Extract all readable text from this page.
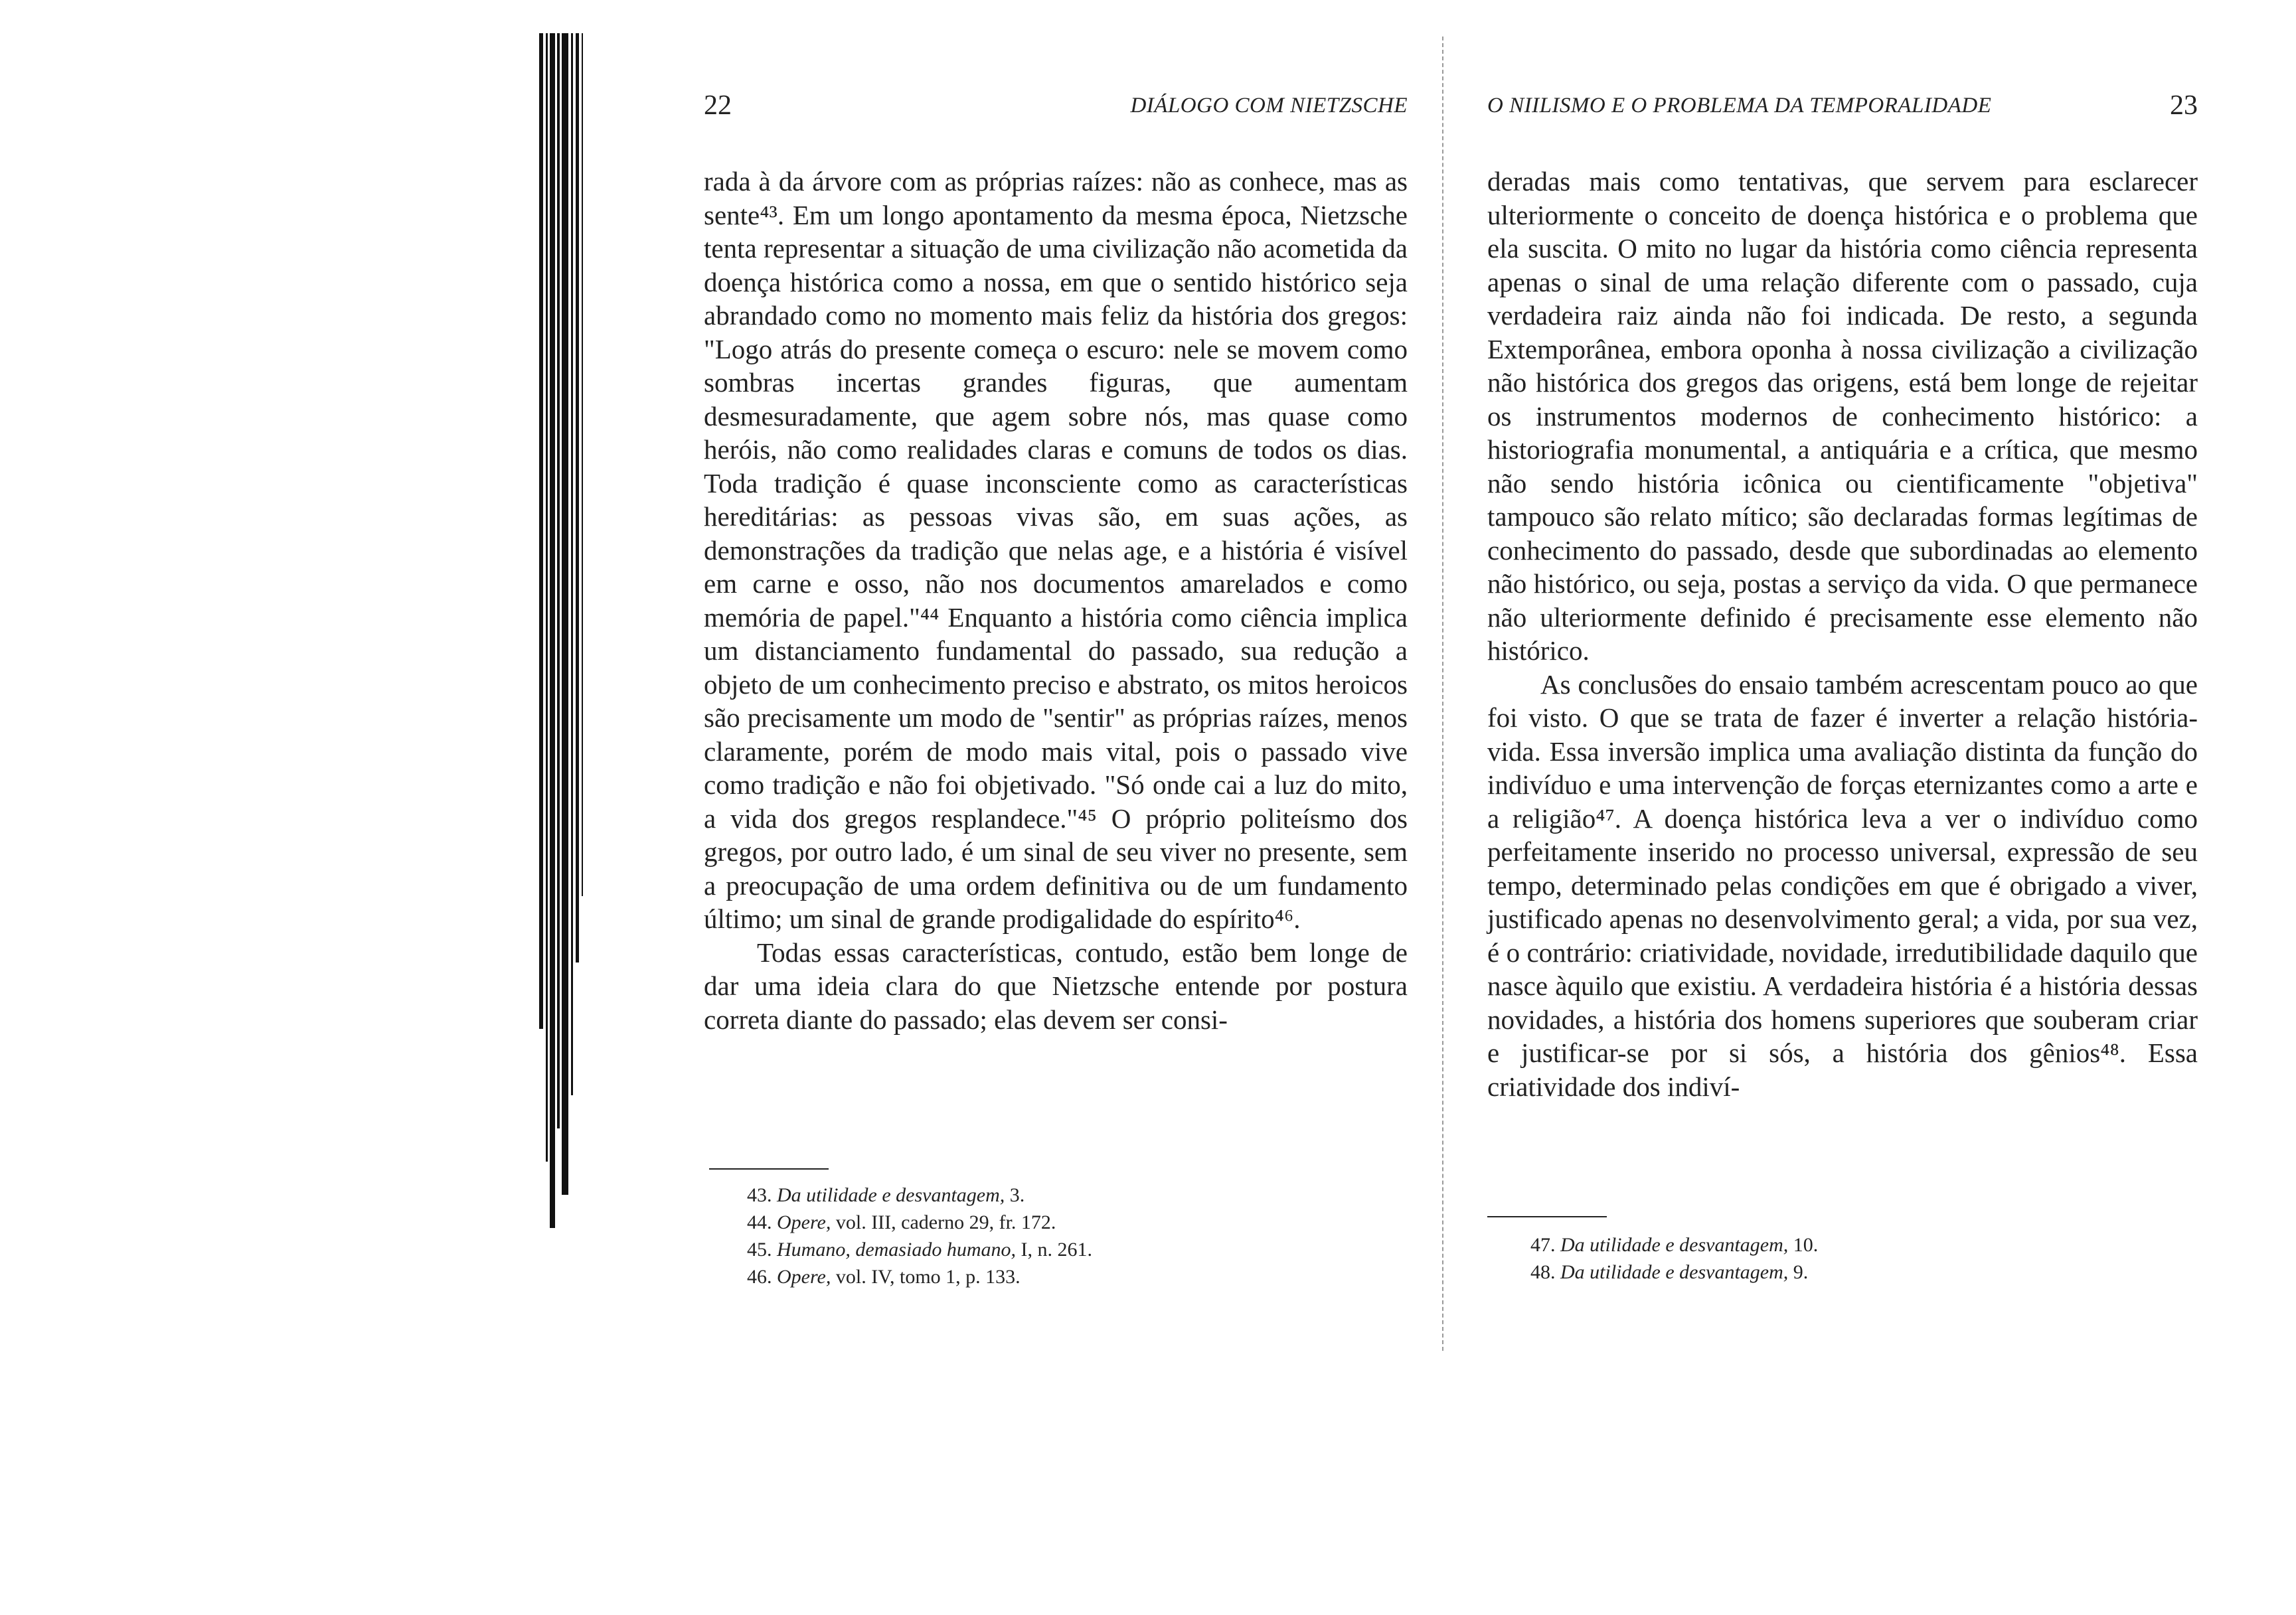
22	DIÁLOGO COM NIETZSCHE

rada à da árvore com as próprias raízes: não as conhece, mas as sente⁴³. Em um longo apontamento da mesma época, Nietzsche tenta representar a situação de uma civilização não acometida da doença histórica como a nossa, em que o sentido histórico seja abrandado como no momento mais feliz da história dos gregos: "Logo atrás do presente começa o escuro: nele se movem como sombras incertas grandes figuras, que aumentam desmesuradamente, que agem sobre nós, mas quase como heróis, não como realidades claras e comuns de todos os dias. Toda tradição é quase inconsciente como as características hereditárias: as pessoas vivas são, em suas ações, as demonstrações da tradição que nelas age, e a história é visível em carne e osso, não nos documentos amarelados e como memória de papel."⁴⁴ Enquanto a história como ciência implica um distanciamento fundamental do passado, sua redução a objeto de um conhecimento preciso e abstrato, os mitos heroicos são precisamente um modo de "sentir" as próprias raízes, menos claramente, porém de modo mais vital, pois o passado vive como tradição e não foi objetivado. "Só onde cai a luz do mito, a vida dos gregos resplandece."⁴⁵ O próprio politeísmo dos gregos, por outro lado, é um sinal de seu viver no presente, sem a preocupação de uma ordem definitiva ou de um fundamento último; um sinal de grande prodigalidade do espírito⁴⁶.

Todas essas características, contudo, estão bem longe de dar uma ideia clara do que Nietzsche entende por postura correta diante do passado; elas devem ser consi-

43. Da utilidade e desvantagem, 3.
44. Opere, vol. III, caderno 29, fr. 172.
45. Humano, demasiado humano, I, n. 261.
46. Opere, vol. IV, tomo 1, p. 133.
O NIILISMO E O PROBLEMA DA TEMPORALIDADE	23

deradas mais como tentativas, que servem para esclarecer ulteriormente o conceito de doença histórica e o problema que ela suscita. O mito no lugar da história como ciência representa apenas o sinal de uma relação diferente com o passado, cuja verdadeira raiz ainda não foi indicada. De resto, a segunda Extemporânea, embora oponha à nossa civilização a civilização não histórica dos gregos das origens, está bem longe de rejeitar os instrumentos modernos de conhecimento histórico: a historiografia monumental, a antiquária e a crítica, que mesmo não sendo história icônica ou cientificamente "objetiva" tampouco são relato mítico; são declaradas formas legítimas de conhecimento do passado, desde que subordinadas ao elemento não histórico, ou seja, postas a serviço da vida. O que permanece não ulteriormente definido é precisamente esse elemento não histórico.

As conclusões do ensaio também acrescentam pouco ao que foi visto. O que se trata de fazer é inverter a relação história-vida. Essa inversão implica uma avaliação distinta da função do indivíduo e uma intervenção de forças eternizantes como a arte e a religião⁴⁷. A doença histórica leva a ver o indivíduo como perfeitamente inserido no processo universal, expressão de seu tempo, determinado pelas condições em que é obrigado a viver, justificado apenas no desenvolvimento geral; a vida, por sua vez, é o contrário: criatividade, novidade, irredutibilidade daquilo que nasce àquilo que existiu. A verdadeira história é a história dessas novidades, a história dos homens superiores que souberam criar e justificar-se por si sós, a história dos gênios⁴⁸. Essa criatividade dos indiví-

47. Da utilidade e desvantagem, 10.
48. Da utilidade e desvantagem, 9.
